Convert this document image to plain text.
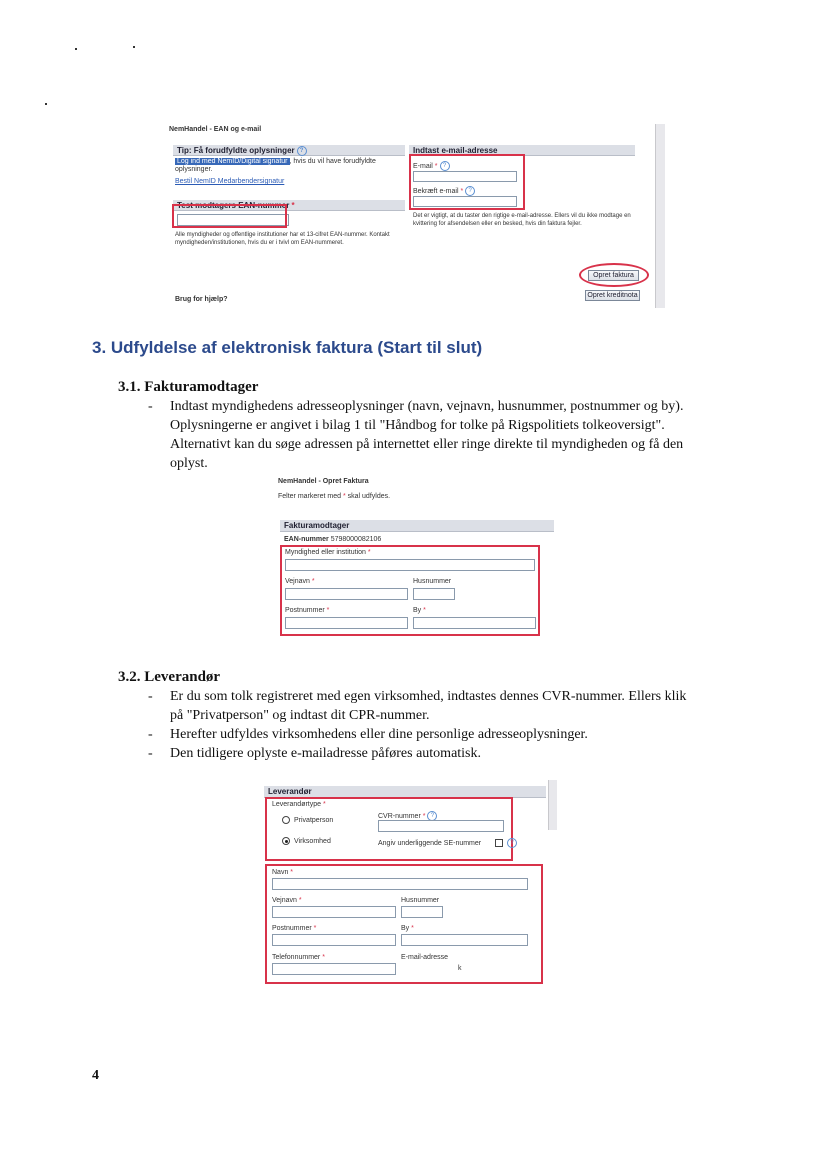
NemHandel - EAN og e-mail
Tip: Få forudfyldte oplysninger ?
Log ind med NemID/Digital signatur , hvis du vil have forudfyldte oplysninger.
Bestil NemID Medarbendersignatur
Test modtagers EAN-nummer *
Alle myndigheder og offentlige institutioner har et 13-cifret EAN-nummer. Kontakt myndigheden/institutionen, hvis du er i tvivl om EAN-nummeret.
Indtast e-mail-adresse
E-mail * ?
Bekræft e-mail * ?
Det er vigtigt, at du taster den rigtige e-mail-adresse. Ellers vil du ikke modtage en kvittering for afsendelsen eller en besked, hvis din faktura fejler.
Opret faktura
Opret kreditnota
Brug for hjælp?
3. Udfyldelse af elektronisk faktura (Start til slut)
3.1. Fakturamodtager
- Indtast myndighedens adresseoplysninger (navn, vejnavn, husnummer, postnummer og by). Oplysningerne er angivet i bilag 1 til "Håndbog for tolke på Rigspolitiets tolkeoversigt". Alternativt kan du søge adressen på internettet eller ringe direkte til myndigheden og få den oplyst.
NemHandel - Opret Faktura
Felter markeret med * skal udfyldes.
Fakturamodtager
EAN-nummer 5798000082106
Myndighed eller institution *
Vejnavn *	Husnummer
Postnummer *	By *
3.2. Leverandør
- Er du som tolk registreret med egen virksomhed, indtastes dennes CVR-nummer. Ellers klik på "Privatperson" og indtast dit CPR-nummer.
- Herefter udfyldes virksomhedens eller dine personlige adresseoplysninger.
- Den tidligere oplyste e-mailadresse påføres automatisk.
Leverandør
Leverandørtype *
Privatperson
Virksomhed
CVR-nummer * ?
Angiv underliggende SE-nummer	?
Navn *
Vejnavn *	Husnummer
Postnummer *	By *
Telefonnummer *	E-mail-adresse
k
4
